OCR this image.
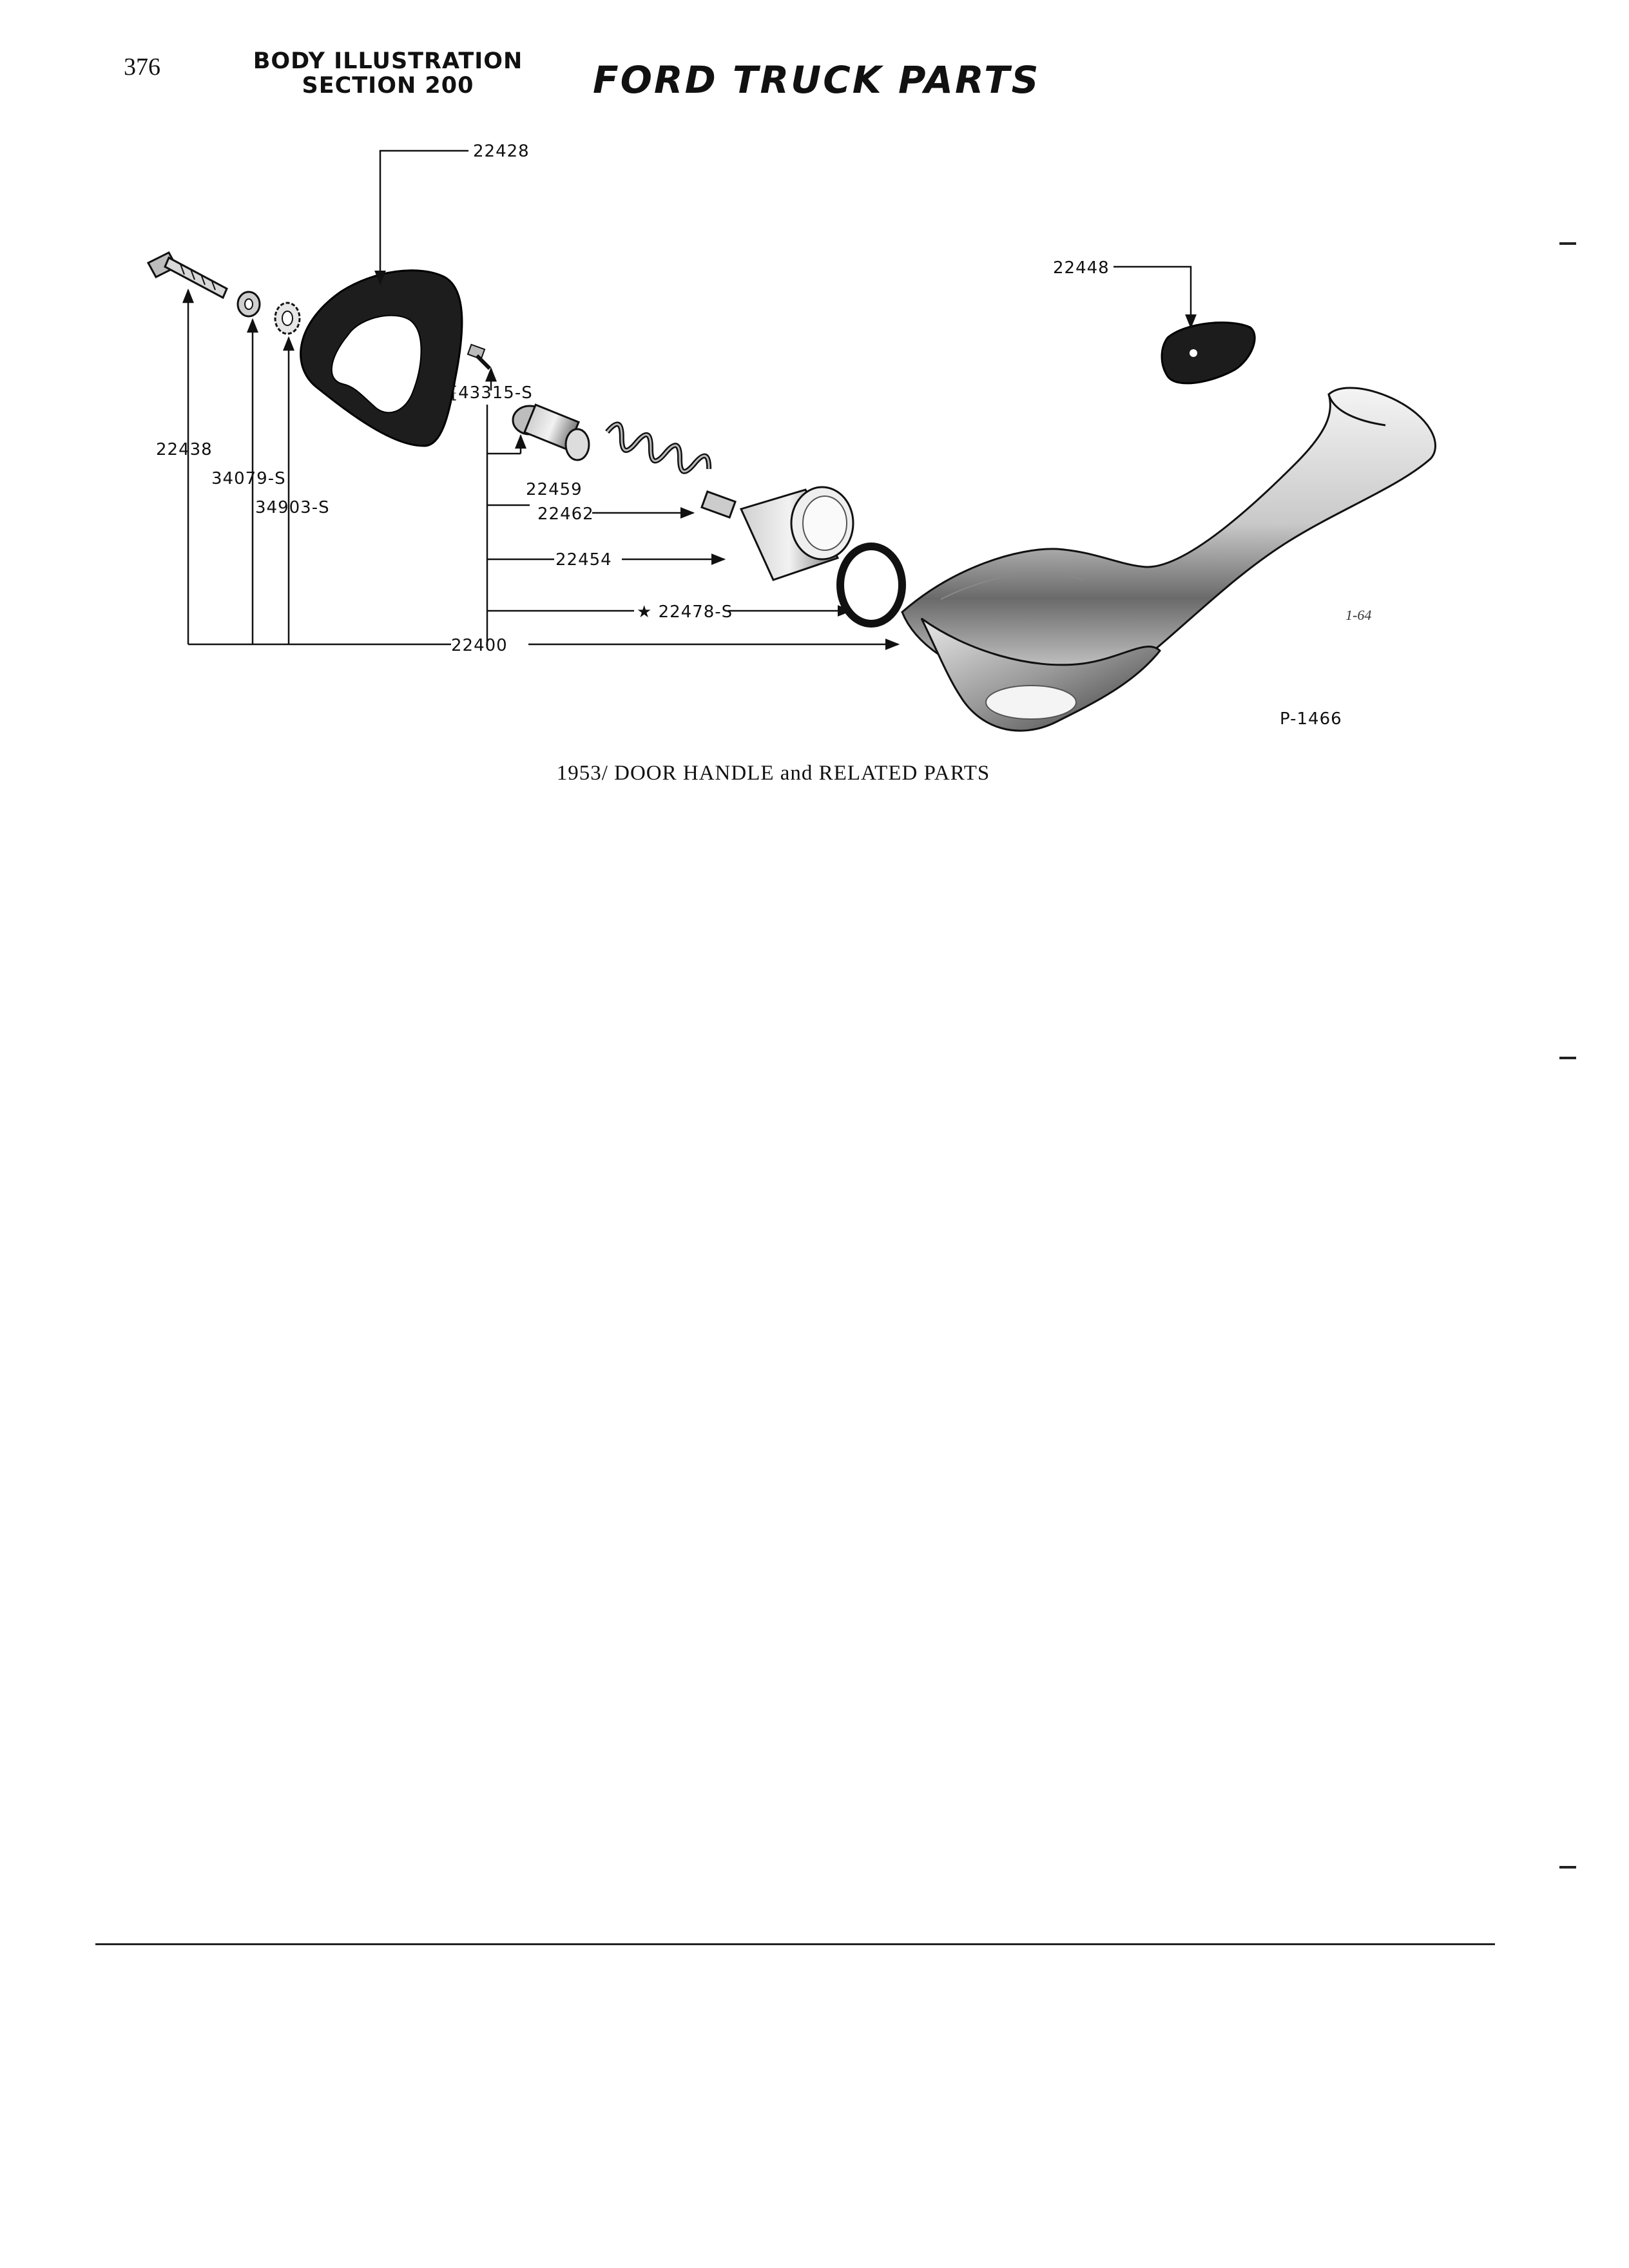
376	BODY ILLUSTRATION
SECTION 200	FORD TRUCK PARTS
22428
22448
22438
34079-S
34903-S
⁅43315-S
22459
22462
22454
★ 22478-S
22400
1-64
P-1466
1953/ DOOR HANDLE and RELATED PARTS
